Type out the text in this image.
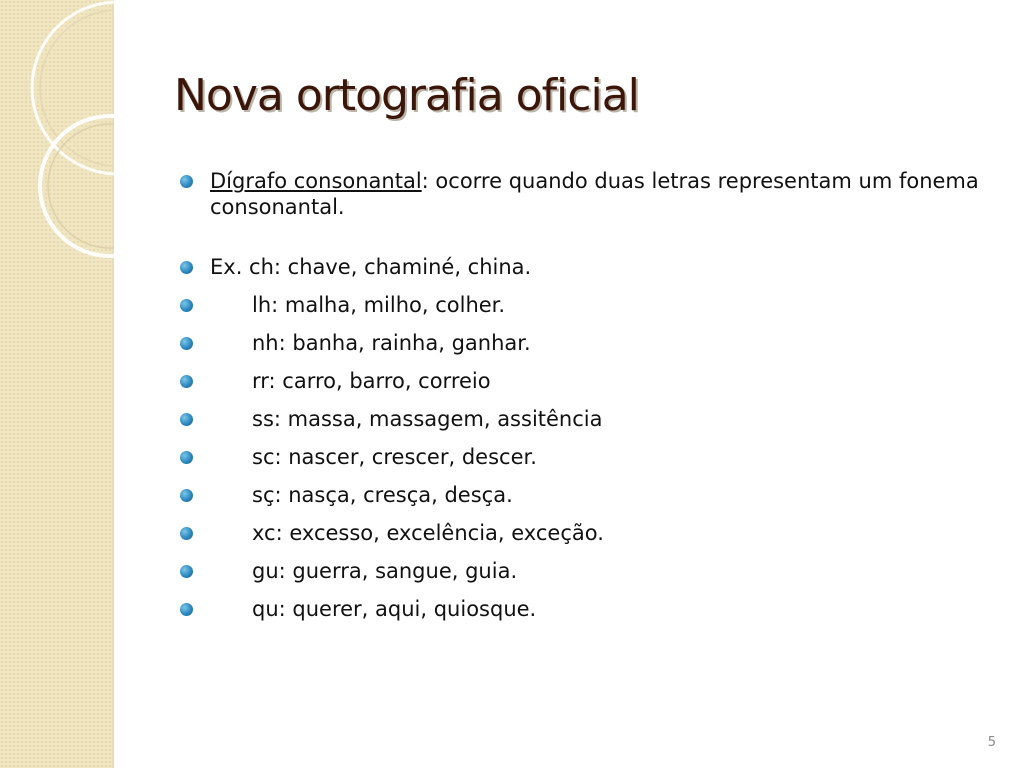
Nova ortografia oficial
Dígrafo consonantal: ocorre quando duas letras representam um fonema consonantal.
Ex. ch: chave, chaminé, china.
lh: malha, milho, colher.
nh: banha, rainha, ganhar.
rr: carro, barro, correio
ss: massa, massagem, assitência
sc: nascer, crescer, descer.
sç: nasça, cresça, desça.
xc: excesso, excelência, exceção.
gu: guerra, sangue, guia.
qu: querer, aqui, quiosque.
5
